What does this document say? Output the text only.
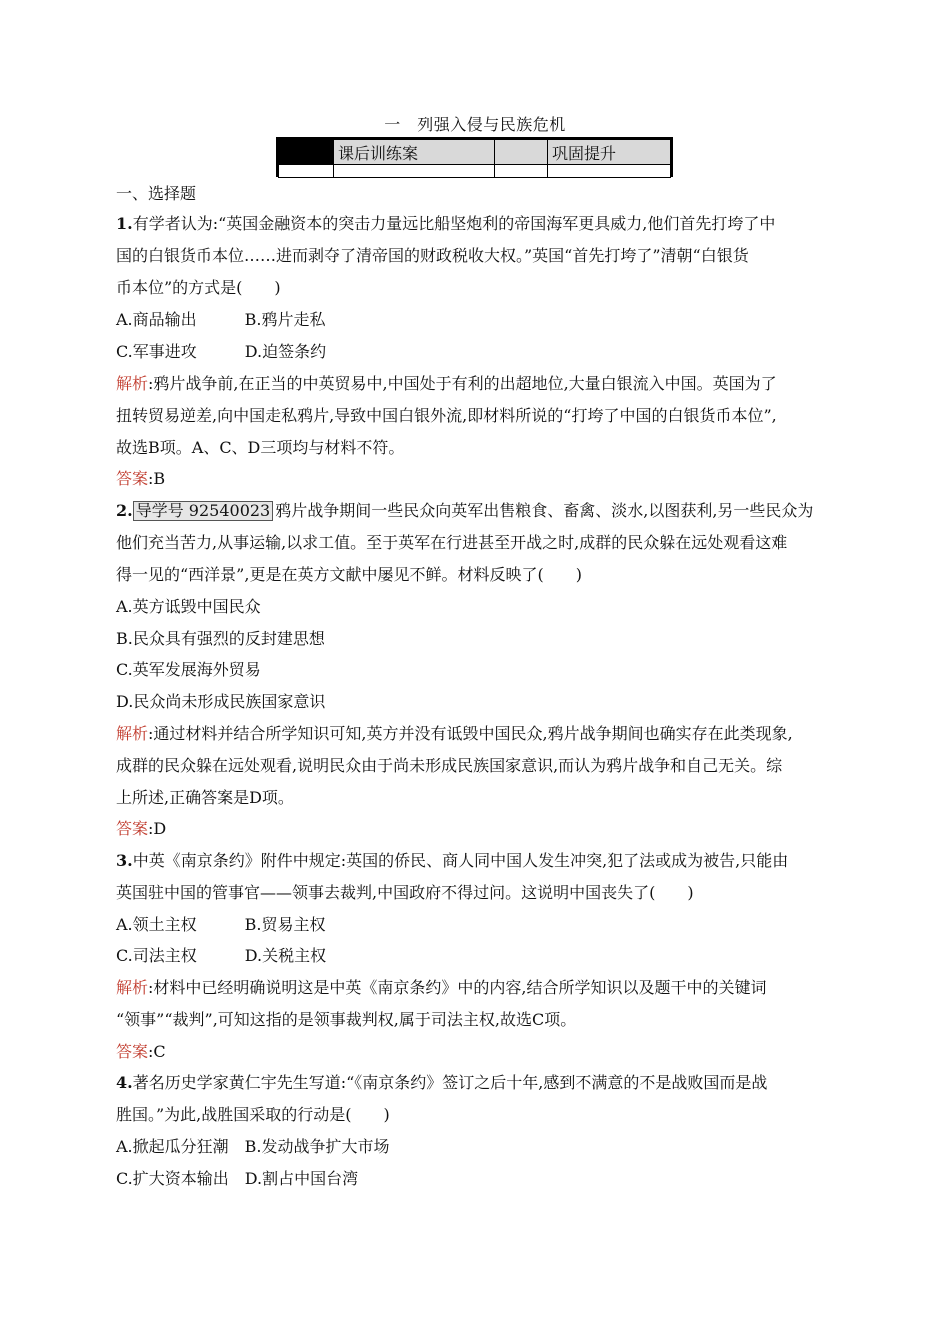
一　列强入侵与民族危机
	课后训练案		巩固提升

一、选择题
1.有学者认为:“英国金融资本的突击力量远比船坚炮利的帝国海军更具威力,他们首先打垮了中
国的白银货币本位……进而剥夺了清帝国的财政税收大权。”英国“首先打垮了”清朝“白银货
币本位”的方式是(　　)
A.商品输出　　　B.鸦片走私
C.军事进攻　　　D.迫签条约
解析:鸦片战争前,在正当的中英贸易中,中国处于有利的出超地位,大量白银流入中国。英国为了
扭转贸易逆差,向中国走私鸦片,导致中国白银外流,即材料所说的“打垮了中国的白银货币本位”,
故选B项。A、C、D三项均与材料不符。
答案:B
2. 导学号 92540023 鸦片战争期间一些民众向英军出售粮食、畜禽、淡水,以图获利,另一些民众为
他们充当苦力,从事运输,以求工值。至于英军在行进甚至开战之时,成群的民众躲在远处观看这难
得一见的“西洋景”,更是在英方文献中屡见不鲜。材料反映了(　　)
A.英方诋毁中国民众
B.民众具有强烈的反封建思想
C.英军发展海外贸易
D.民众尚未形成民族国家意识
解析:通过材料并结合所学知识可知,英方并没有诋毁中国民众,鸦片战争期间也确实存在此类现象,
成群的民众躲在远处观看,说明民众由于尚未形成民族国家意识,而认为鸦片战争和自己无关。综
上所述,正确答案是D项。
答案:D
3.中英《南京条约》附件中规定:英国的侨民、商人同中国人发生冲突,犯了法或成为被告,只能由
英国驻中国的管事官——领事去裁判,中国政府不得过问。这说明中国丧失了(　　)
A.领土主权　　　B.贸易主权
C.司法主权　　　D.关税主权
解析:材料中已经明确说明这是中英《南京条约》中的内容,结合所学知识以及题干中的关键词
“领事”“裁判”,可知这指的是领事裁判权,属于司法主权,故选C项。
答案:C
4.著名历史学家黄仁宇先生写道:“《南京条约》签订之后十年,感到不满意的不是战败国而是战
胜国。”为此,战胜国采取的行动是(　　)
A.掀起瓜分狂潮　B.发动战争扩大市场
C.扩大资本输出　D.割占中国台湾
